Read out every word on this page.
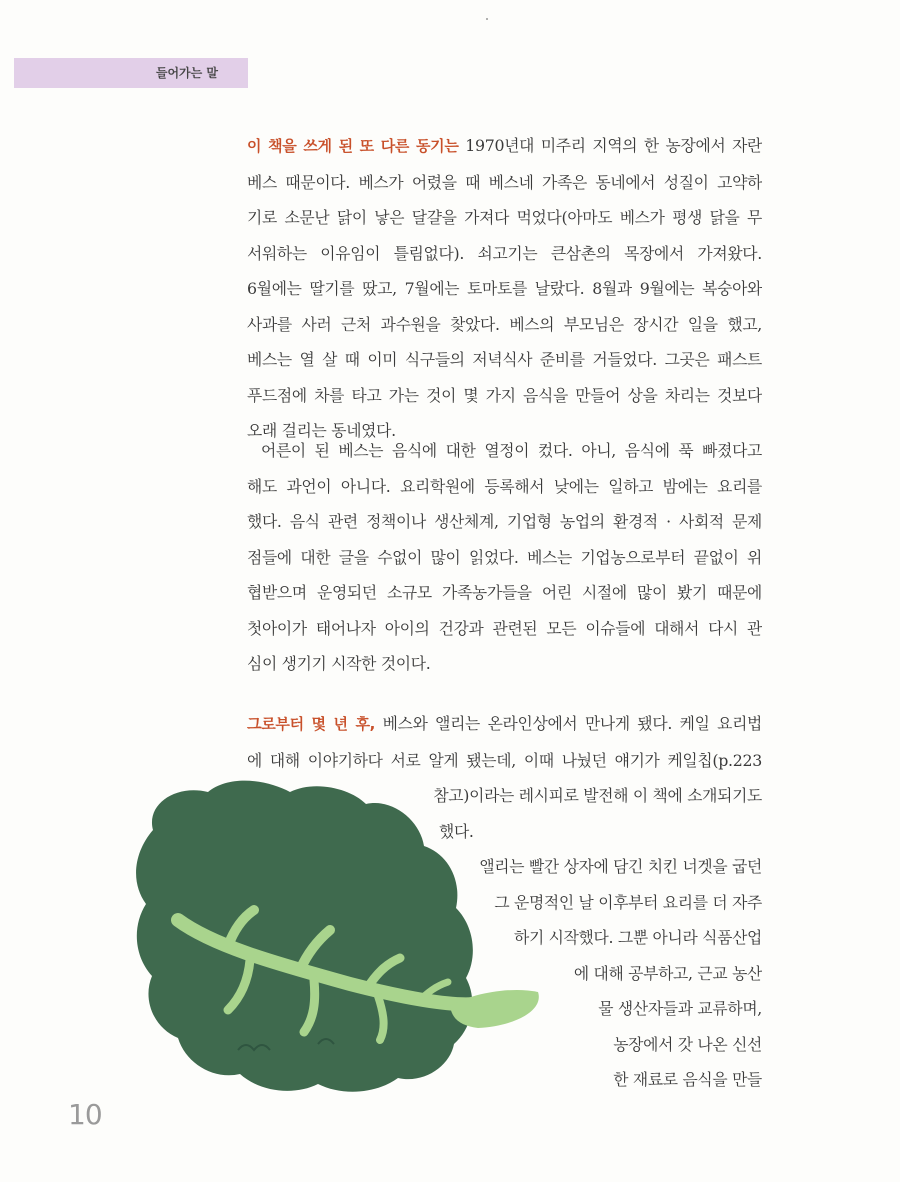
들어가는 말
이 책을 쓰게 된 또 다른 동기는 1970년대 미주리 지역의 한 농장에서 자란
베스 때문이다. 베스가 어렸을 때 베스네 가족은 동네에서 성질이 고약하
기로 소문난 닭이 낳은 달걀을 가져다 먹었다(아마도 베스가 평생 닭을 무
서워하는 이유임이 틀림없다). 쇠고기는 큰삼촌의 목장에서 가져왔다.
6월에는 딸기를 땄고, 7월에는 토마토를 날랐다. 8월과 9월에는 복숭아와
사과를 사러 근처 과수원을 찾았다. 베스의 부모님은 장시간 일을 했고,
베스는 열 살 때 이미 식구들의 저녁식사 준비를 거들었다. 그곳은 패스트
푸드점에 차를 타고 가는 것이 몇 가지 음식을 만들어 상을 차리는 것보다
오래 걸리는 동네였다.
어른이 된 베스는 음식에 대한 열정이 컸다. 아니, 음식에 푹 빠졌다고
해도 과언이 아니다. 요리학원에 등록해서 낮에는 일하고 밤에는 요리를
했다. 음식 관련 정책이나 생산체계, 기업형 농업의 환경적 · 사회적 문제
점들에 대한 글을 수없이 많이 읽었다. 베스는 기업농으로부터 끝없이 위
협받으며 운영되던 소규모 가족농가들을 어린 시절에 많이 봤기 때문에
첫아이가 태어나자 아이의 건강과 관련된 모든 이슈들에 대해서 다시 관
심이 생기기 시작한 것이다.
그로부터 몇 년 후, 베스와 앨리는 온라인상에서 만나게 됐다. 케일 요리법
에 대해 이야기하다 서로 알게 됐는데, 이때 나눴던 얘기가 케일칩(p.223
참고)이라는 레시피로 발전해 이 책에 소개되기도
했다.
앨리는 빨간 상자에 담긴 치킨 너겟을 굽던
그 운명적인 날 이후부터 요리를 더 자주
하기 시작했다. 그뿐 아니라 식품산업
에 대해 공부하고, 근교 농산
물 생산자들과 교류하며,
농장에서 갓 나온 신선
한 재료로 음식을 만들
10
